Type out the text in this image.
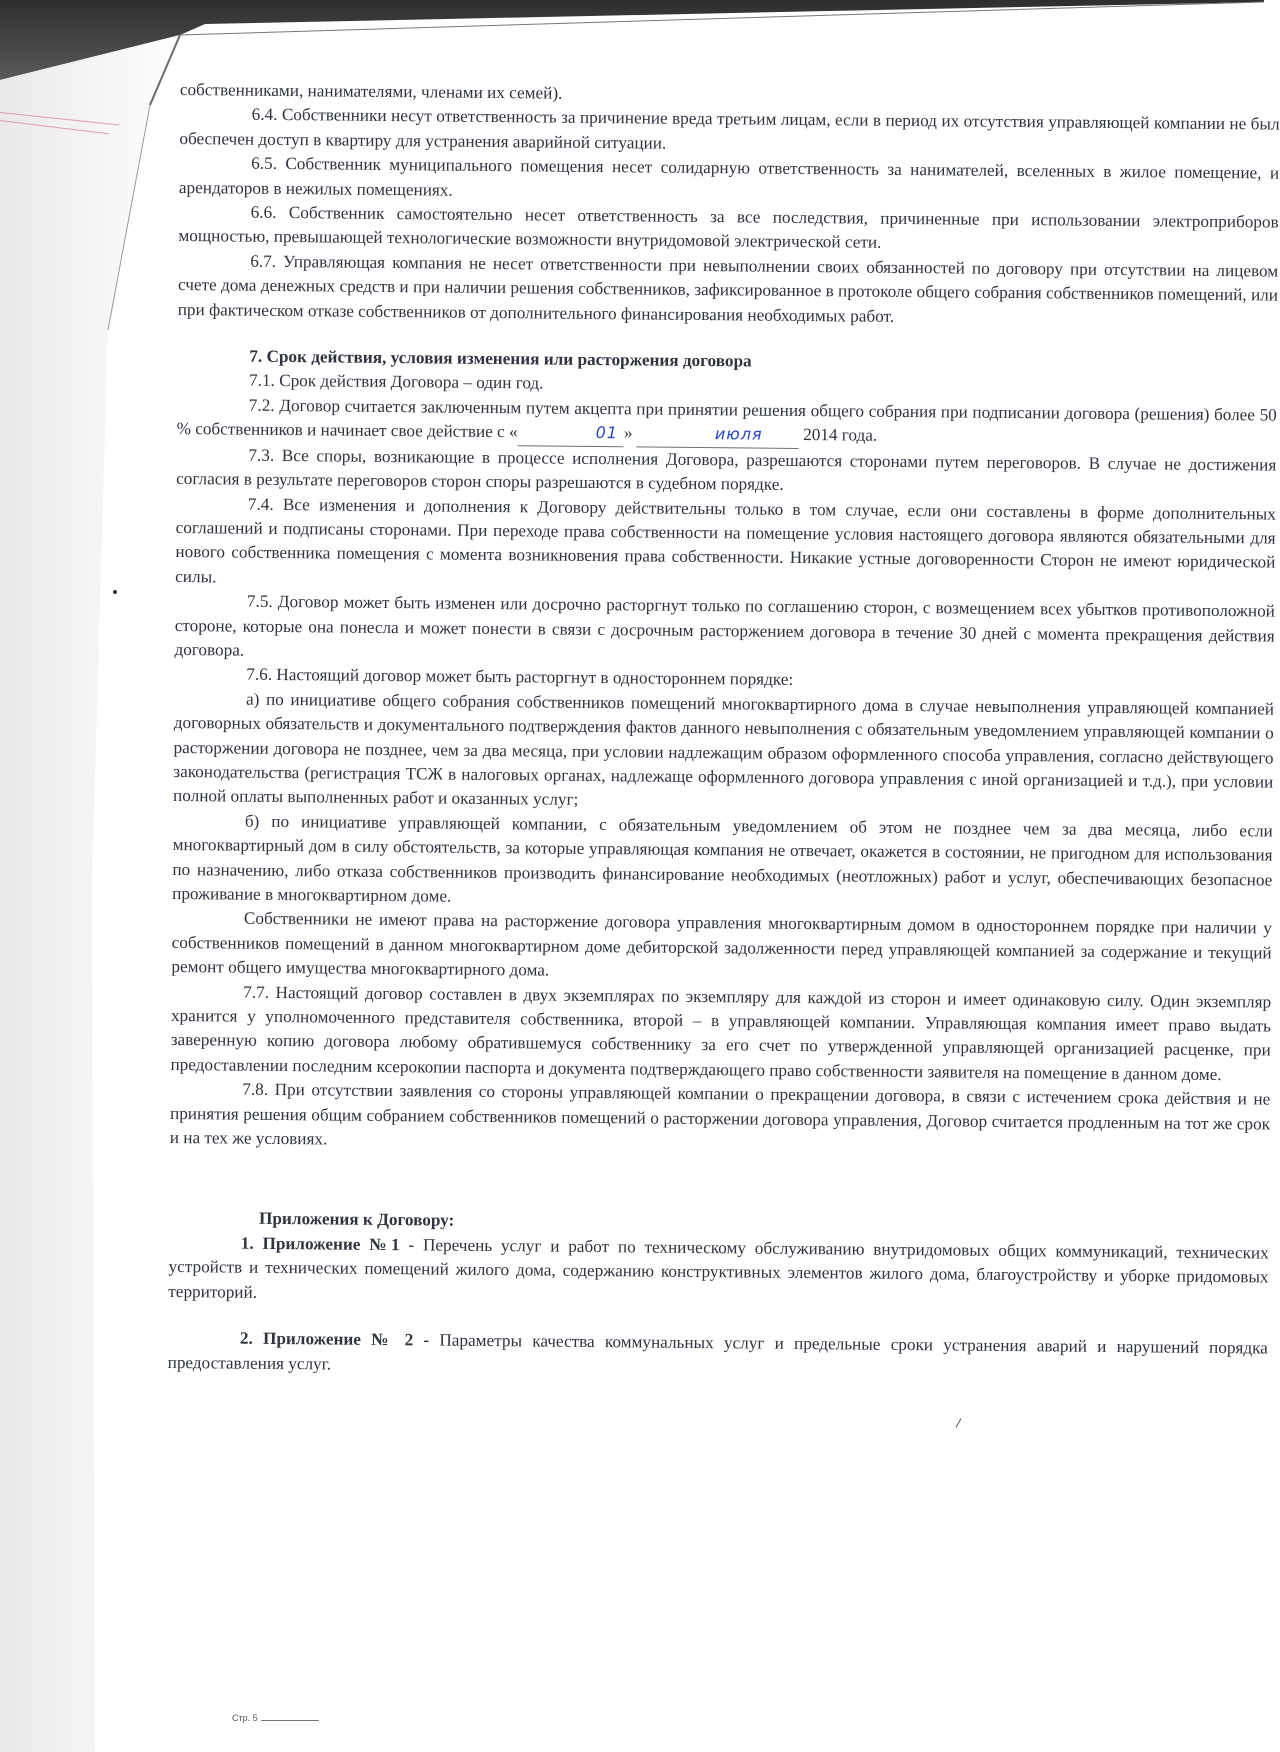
собственниками, нанимателями, членами их семей).

6.4. Собственники несут ответственность за причинение вреда третьим лицам, если в период их отсутствия управляющей компании не был обеспечен доступ в квартиру для устранения аварийной ситуации.

6.5. Собственник муниципального помещения несет солидарную ответственность за нанимателей, вселенных в жилое помещение, и арендаторов в нежилых помещениях.

6.6. Собственник самостоятельно несет ответственность за все последствия, причиненные при использовании электроприборов мощностью, превышающей технологические возможности внутридомовой электрической сети.

6.7. Управляющая компания не несет ответственности при невыполнении своих обязанностей по договору при отсутствии на лицевом счете дома денежных средств и при наличии решения собственников, зафиксированное в протоколе общего собрания собственников помещений, или при фактическом отказе собственников от дополнительного финансирования необходимых работ.

7. Срок действия, условия изменения или расторжения договора

7.1. Срок действия Договора – один год.

7.2. Договор считается заключенным путем акцепта при принятии решения общего собрания при подписании договора (решения) более 50 % собственников и начинает свое действие с «	01 »	июля 2014 года.

7.3. Все споры, возникающие в процессе исполнения Договора, разрешаются сторонами путем переговоров. В случае не достижения согласия в результате переговоров сторон споры разрешаются в судебном порядке.

7.4. Все изменения и дополнения к Договору действительны только в том случае, если они составлены в форме дополнительных соглашений и подписаны сторонами. При переходе права собственности на помещение условия настоящего договора являются обязательными для нового собственника помещения с момента возникновения права собственности. Никакие устные договоренности Сторон не имеют юридической силы.

7.5. Договор может быть изменен или досрочно расторгнут только по соглашению сторон, с возмещением всех убытков противоположной стороне, которые она понесла и может понести в связи с досрочным расторжением договора в течение 30 дней с момента прекращения действия договора.

7.6. Настоящий договор может быть расторгнут в одностороннем порядке:

а) по инициативе общего собрания собственников помещений многоквартирного дома в случае невыполнения управляющей компанией договорных обязательств и документального подтверждения фактов данного невыполнения с обязательным уведомлением управляющей компании о расторжении договора не позднее, чем за два месяца, при условии надлежащим образом оформленного способа управления, согласно действующего законодательства (регистрация ТСЖ в налоговых органах, надлежаще оформленного договора управления с иной организацией и т.д.), при условии полной оплаты выполненных работ и оказанных услуг;

б) по инициативе управляющей компании, с обязательным уведомлением об этом не позднее чем за два месяца, либо если многоквартирный дом в силу обстоятельств, за которые управляющая компания не отвечает, окажется в состоянии, не пригодном для использования по назначению, либо отказа собственников производить финансирование необходимых (неотложных) работ и услуг, обеспечивающих безопасное проживание в многоквартирном доме.

Собственники не имеют права на расторжение договора управления многоквартирным домом в одностороннем порядке при наличии у собственников помещений в данном многоквартирном доме дебиторской задолженности перед управляющей компанией за содержание и текущий ремонт общего имущества многоквартирного дома.

7.7. Настоящий договор составлен в двух экземплярах по экземпляру для каждой из сторон и имеет одинаковую силу. Один экземпляр хранится у уполномоченного представителя собственника, второй – в управляющей компании. Управляющая компания имеет право выдать заверенную копию договора любому обратившемуся собственнику за его счет по утвержденной управляющей организацией расценке, при предоставлении последним ксерокопии паспорта и документа подтверждающего право собственности заявителя на помещение в данном доме.

7.8. При отсутствии заявления со стороны управляющей компании о прекращении договора, в связи с истечением срока действия и не принятия решения общим собранием собственников помещений о расторжении договора управления, Договор считается продленным на тот же срок и на тех же условиях.

Приложения к Договору:

1. Приложение №1 - Перечень услуг и работ по техническому обслуживанию внутридомовых общих коммуникаций, технических устройств и технических помещений жилого дома, содержанию конструктивных элементов жилого дома, благоустройству и уборке придомовых территорий.

2. Приложение № 2 - Параметры качества коммунальных услуг и предельные сроки устранения аварий и нарушений порядка предоставления услуг.

Стр. 5
